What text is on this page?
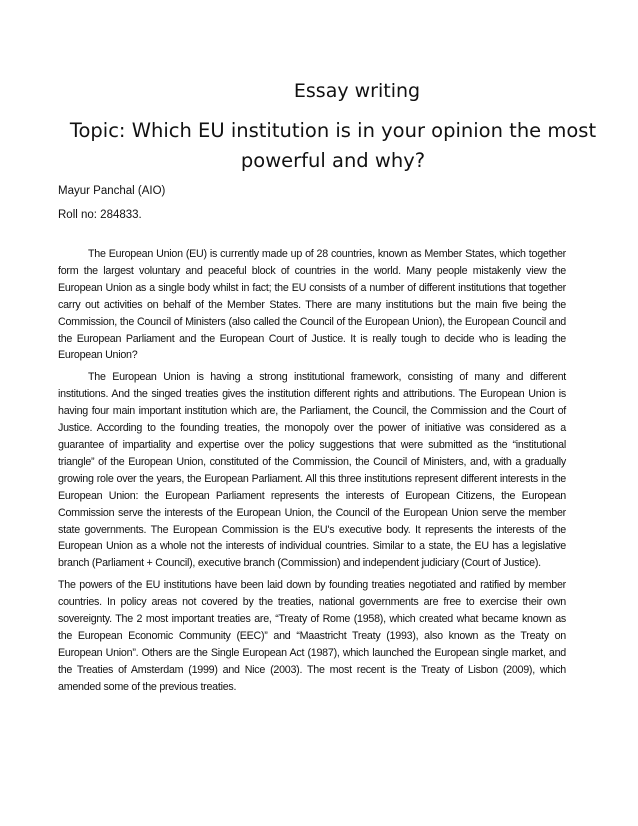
Essay writing
Topic: Which EU institution is in your opinion the most powerful and why?

Mayur Panchal (AIO)

Roll no: 284833.

The European Union (EU) is currently made up of 28 countries, known as Member States, which together form the largest voluntary and peaceful block of countries in the world. Many people mistakenly view the European Union as a single body whilst in fact; the EU consists of a number of different institutions that together carry out activities on behalf of the Member States. There are many institutions but the main five being the Commission, the Council of Ministers (also called the Council of the European Union), the European Council and the European Parliament and the European Court of Justice. It is really tough to decide who is leading the European Union?

The European Union is having a strong institutional framework, consisting of many and different institutions. And the singed treaties gives the institution different rights and attributions. The European Union is having four main important institution which are, the Parliament, the Council, the Commission and the Court of Justice. According to the founding treaties, the monopoly over the power of initiative was considered as a guarantee of impartiality and expertise over the policy suggestions that were submitted as the “institutional triangle” of the European Union, constituted of the Commission, the Council of Ministers, and, with a gradually growing role over the years, the European Parliament. All this three institutions represent different interests in the European Union: the European Parliament represents the interests of European Citizens, the European Commission serve the interests of the European Union, the Council of the European Union serve the member state governments. The European Commission is the EU's executive body. It represents the interests of the European Union as a whole not the interests of individual countries. Similar to a state, the EU has a legislative branch (Parliament + Council), executive branch (Commission) and independent judiciary (Court of Justice).

The powers of the EU institutions have been laid down by founding treaties negotiated and ratified by member countries. In policy areas not covered by the treaties, national governments are free to exercise their own sovereignty. The 2 most important treaties are, “Treaty of Rome (1958), which created what became known as the European Economic Community (EEC)” and “Maastricht Treaty (1993), also known as the Treaty on European Union”. Others are the Single European Act (1987), which launched the European single market, and the Treaties of Amsterdam (1999) and Nice (2003). The most recent is the Treaty of Lisbon (2009), which amended some of the previous treaties.
